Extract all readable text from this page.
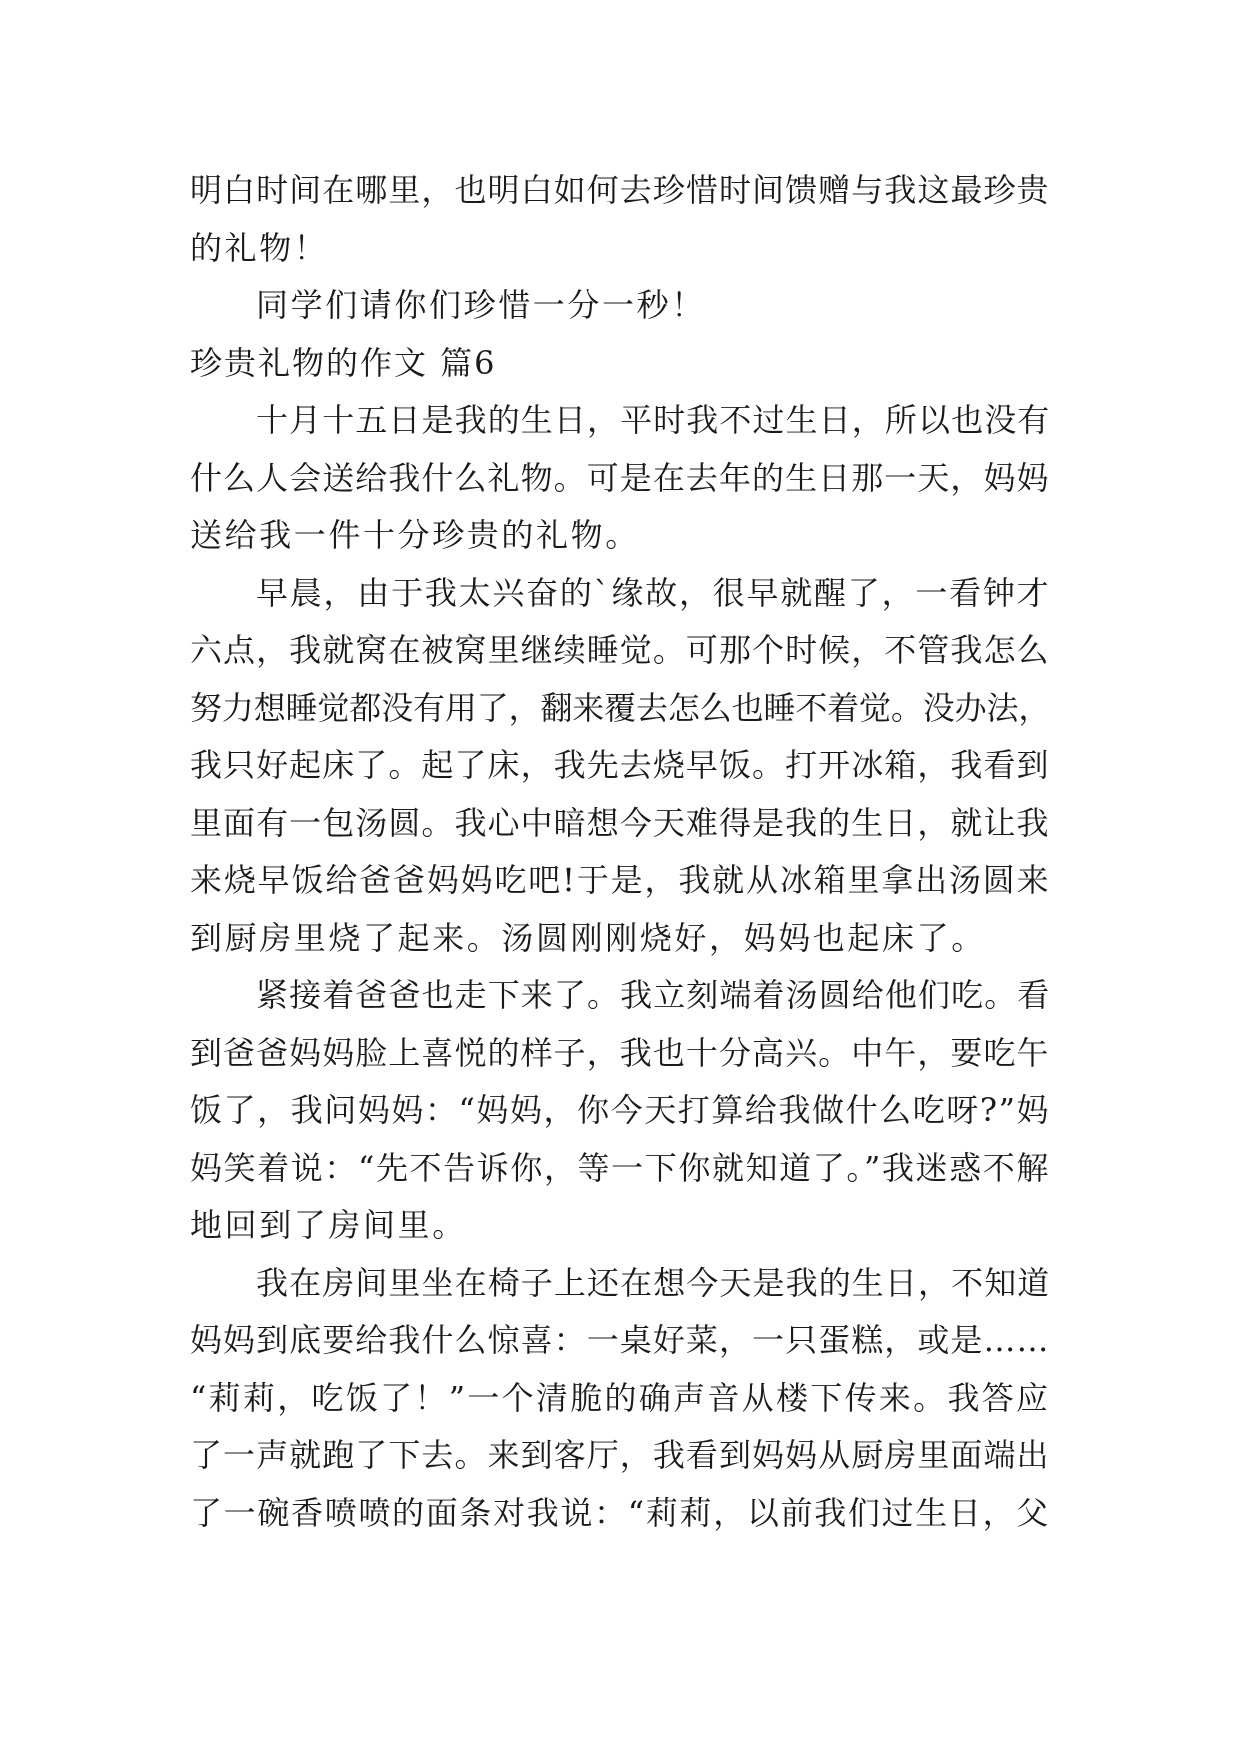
明白时间在哪里，也明白如何去珍惜时间馈赠与我这最珍贵
的礼物！
同学们请你们珍惜一分一秒！
珍贵礼物的作文 篇6
十月十五日是我的生日，平时我不过生日，所以也没有
什么人会送给我什么礼物。可是在去年的生日那一天，妈妈
送给我一件十分珍贵的礼物。
早晨，由于我太兴奋的`缘故，很早就醒了，一看钟才
六点，我就窝在被窝里继续睡觉。可那个时候，不管我怎么
努力想睡觉都没有用了，翻来覆去怎么也睡不着觉。没办法，
我只好起床了。起了床，我先去烧早饭。打开冰箱，我看到
里面有一包汤圆。我心中暗想今天难得是我的生日，就让我
来烧早饭给爸爸妈妈吃吧!于是，我就从冰箱里拿出汤圆来
到厨房里烧了起来。汤圆刚刚烧好，妈妈也起床了。
紧接着爸爸也走下来了。我立刻端着汤圆给他们吃。看
到爸爸妈妈脸上喜悦的样子，我也十分高兴。中午，要吃午
饭了，我问妈妈：“妈妈，你今天打算给我做什么吃呀?”妈
妈笑着说：“先不告诉你，等一下你就知道了。”我迷惑不解
地回到了房间里。
我在房间里坐在椅子上还在想今天是我的生日，不知道
妈妈到底要给我什么惊喜：一桌好菜，一只蛋糕，或是……
“莉莉，吃饭了！”一个清脆的确声音从楼下传来。我答应
了一声就跑了下去。来到客厅，我看到妈妈从厨房里面端出
了一碗香喷喷的面条对我说：“莉莉，以前我们过生日，父
